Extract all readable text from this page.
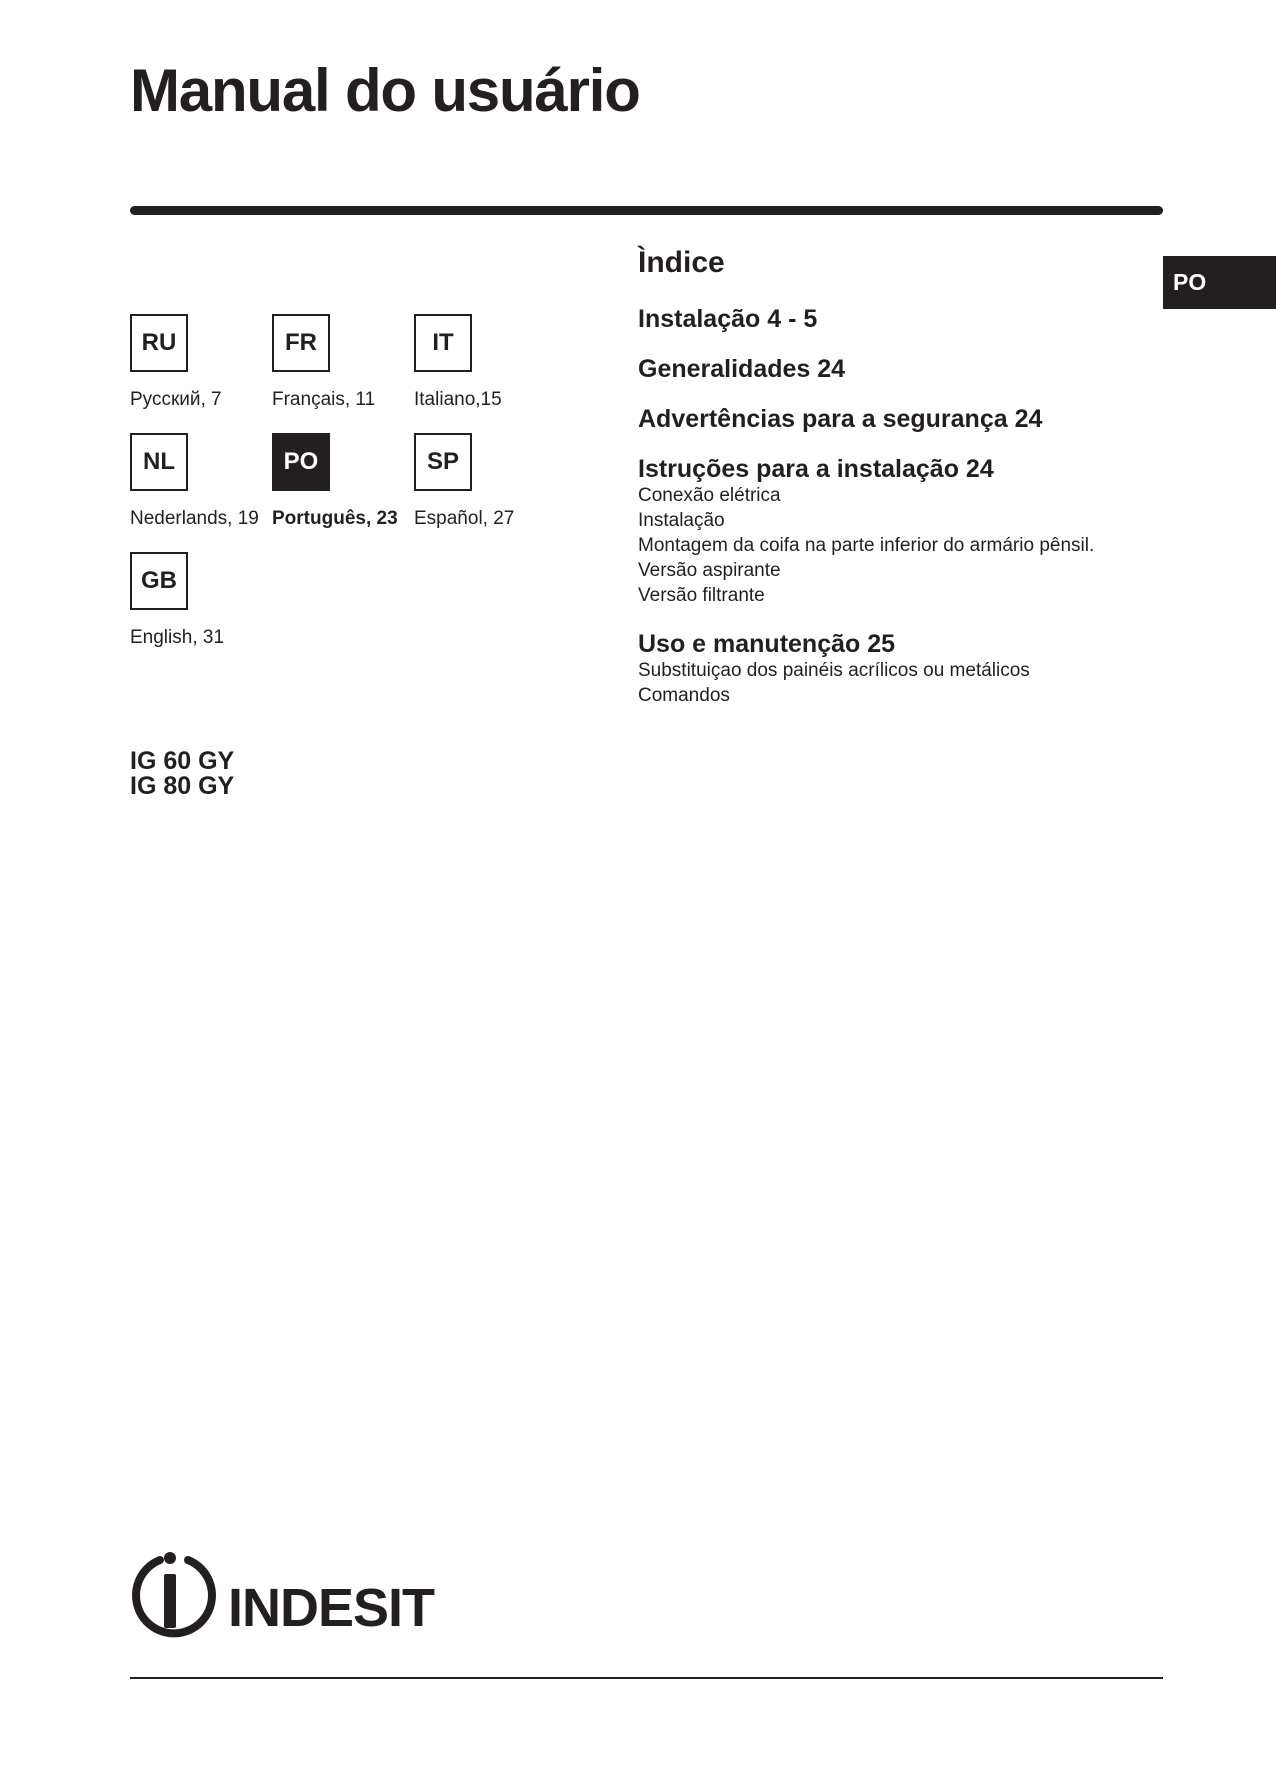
Manual do usuário
PO
RU
Русский, 7
FR
Français, 11
IT
Italiano,15
NL
Nederlands, 19
PO
Português, 23
SP
Español, 27
GB
English, 31
IG 60 GY
IG 80 GY
Ìndice
Instalação 4 - 5
Generalidades 24
Advertências para a segurança 24
Istruções para a instalação 24
Conexão elétrica
Instalação
Montagem da coifa na parte inferior do armário pênsil.
Versão aspirante
Versão filtrante
Uso e manutenção 25
Substituiçao dos painéis acrílicos ou metálicos
Comandos
INDESIT
